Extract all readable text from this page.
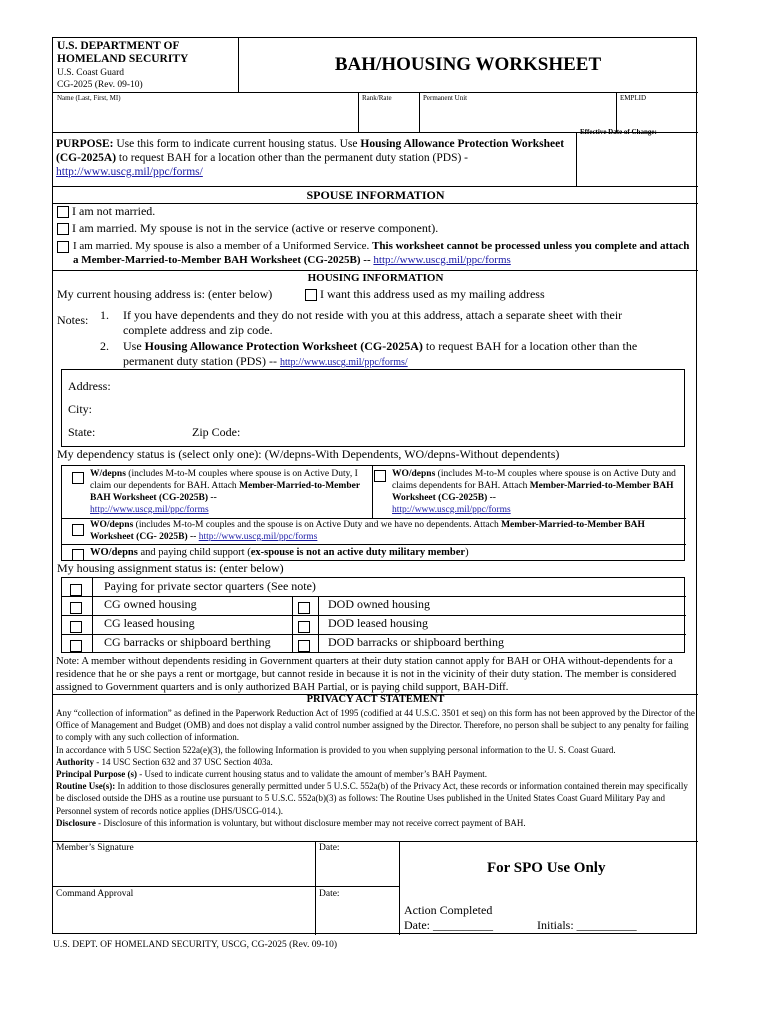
U.S. DEPARTMENT OF HOMELAND SECURITY
U.S. Coast Guard
CG-2025 (Rev. 09-10)
BAH/HOUSING WORKSHEET
Name (Last, First, MI)	Rank/Rate	Permanent Unit	EMPLID
PURPOSE: Use this form to indicate current housing status. Use Housing Allowance Protection Worksheet (CG-2025A) to request BAH for a location other than the permanent duty station (PDS) - http://www.uscg.mil/ppc/forms/
Effective Date of Change:
SPOUSE INFORMATION
I am not married.
I am married. My spouse is not in the service (active or reserve component).
I am married. My spouse is also a member of a Uniformed Service. This worksheet cannot be processed unless you complete and attach a Member-Married-to-Member BAH Worksheet (CG-2025B) -- http://www.uscg.mil/ppc/forms
HOUSING INFORMATION
My current housing address is: (enter below)	I want this address used as my mailing address
Notes: 1. If you have dependents and they do not reside with you at this address, attach a separate sheet with their complete address and zip code.
2. Use Housing Allowance Protection Worksheet (CG-2025A) to request BAH for a location other than the permanent duty station (PDS) -- http://www.uscg.mil/ppc/forms/
Address:
City:
State:	Zip Code:
My dependency status is (select only one): (W/depns-With Dependents, WO/depns-Without dependents)
W/depns (includes M-to-M couples where spouse is on Active Duty, I claim our dependents for BAH. Attach Member-Married-to-Member BAH Worksheet (CG-2025B) --
http://www.uscg.mil/ppc/forms
WO/depns (includes M-to-M couples where spouse is on Active Duty and claims dependents for BAH. Attach Member-Married-to-Member BAH Worksheet (CG-2025B) --
http://www.uscg.mil/ppc/forms
WO/depns (includes M-to-M couples and the spouse is on Active Duty and we have no dependents. Attach Member-Married-to-Member BAH Worksheet (CG- 2025B) -- http://www.uscg.mil/ppc/forms
WO/depns and paying child support (ex-spouse is not an active duty military member)
My housing assignment status is: (enter below)
Paying for private sector quarters (See note)
CG owned housing	DOD owned housing
CG leased housing	DOD leased housing
CG barracks or shipboard berthing	DOD barracks or shipboard berthing
Note: A member without dependents residing in Government quarters at their duty station cannot apply for BAH or OHA without-dependents for a residence that he or she pays a rent or mortgage, but cannot reside in because it is not in the vicinity of their duty station. The member is considered assigned to Government quarters and is only authorized BAH Partial, or is paying child support, BAH-Diff.
PRIVACY ACT STATEMENT
Any “collection of information” as defined in the Paperwork Reduction Act of 1995 (codified at 44 U.S.C. 3501 et seq) on this form has not been approved by the Director of the Office of Management and Budget (OMB) and does not display a valid control number assigned by the Director. Therefore, no person shall be subject to any penalty for failing to comply with any such collection of information.
In accordance with 5 USC Section 522a(e)(3), the following Information is provided to you when supplying personal information to the U. S. Coast Guard.
Authority - 14 USC Section 632 and 37 USC Section 403a.
Principal Purpose (s) - Used to indicate current housing status and to validate the amount of member’s BAH Payment.
Routine Use(s): In addition to those disclosures generally permitted under 5 U.S.C. 552a(b) of the Privacy Act, these records or information contained therein may specifically be disclosed outside the DHS as a routine use pursuant to 5 U.S.C. 552a(b)(3) as follows: The Routine Uses published in the United States Coast Guard Military Pay and Personnel system of records notice applies (DHS/USCG-014.).
Disclosure - Disclosure of this information is voluntary, but without disclosure member may not receive correct payment of BAH.
Member’s Signature	Date:
Command Approval	Date:
For SPO Use Only
Action Completed
Date: __________	Initials: __________
U.S. DEPT. OF HOMELAND SECURITY, USCG, CG-2025 (Rev. 09-10)
